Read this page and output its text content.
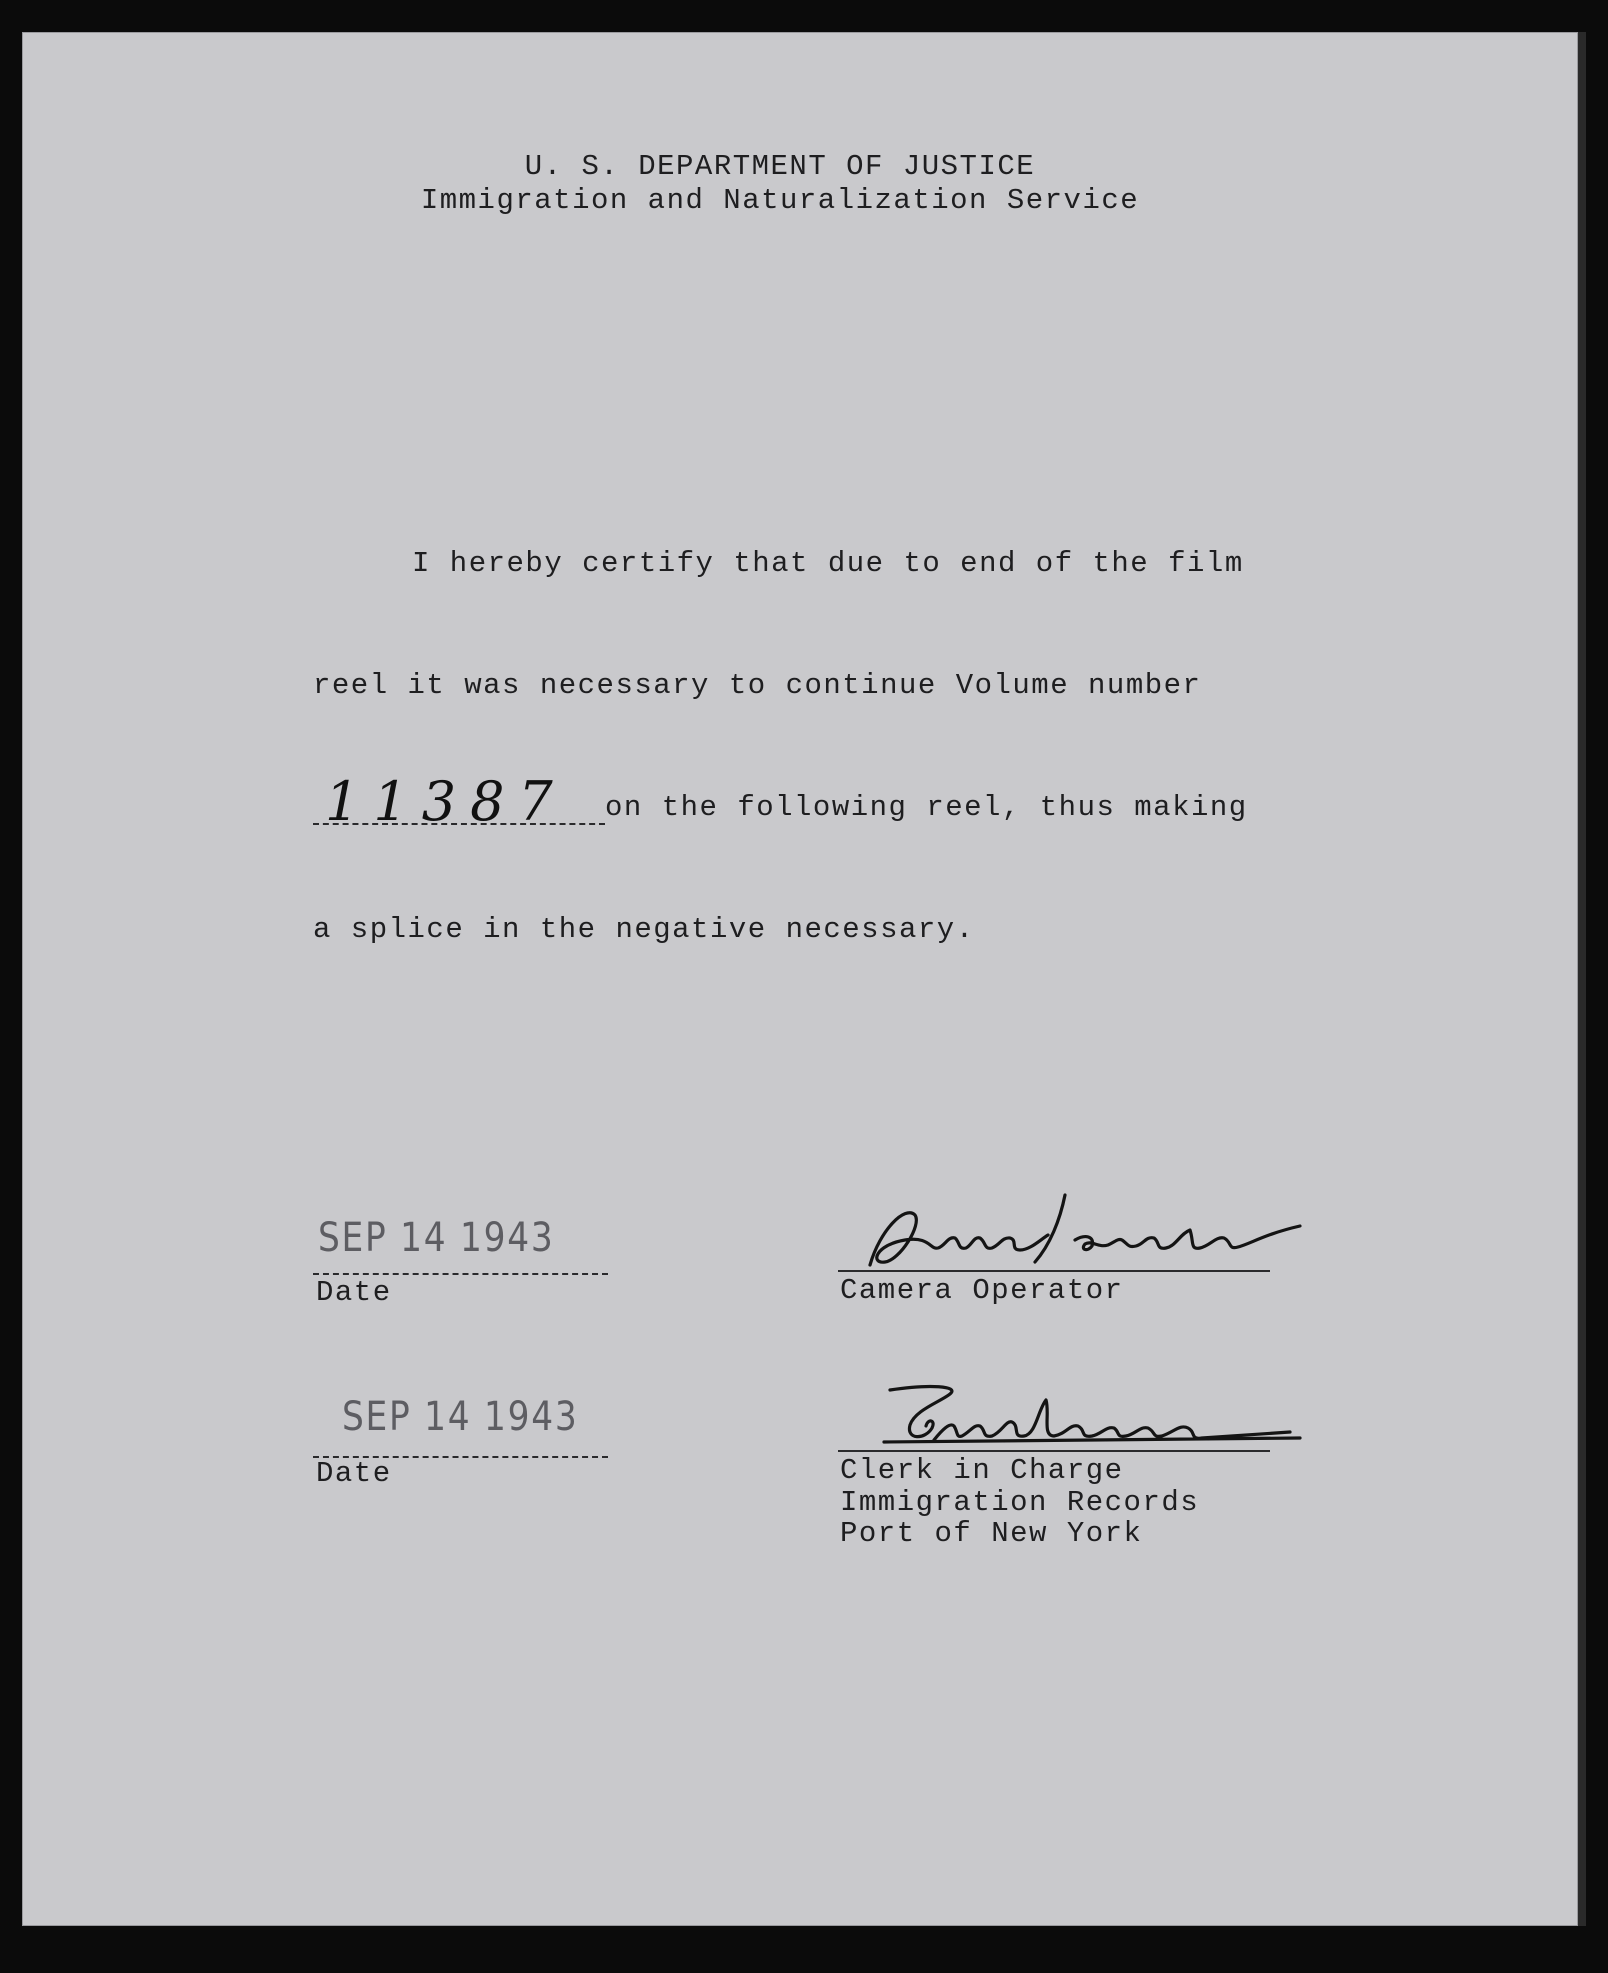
U. S. DEPARTMENT OF JUSTICE
Immigration and Naturalization Service
I hereby certify that due to end of the film
reel it was necessary to continue Volume number
11387 on the following reel, thus making
a splice in the negative necessary.
SEP 14 1943
Date	Camera Operator
SEP 14 1943
Date	Clerk in Charge
Immigration Records
Port of New York
